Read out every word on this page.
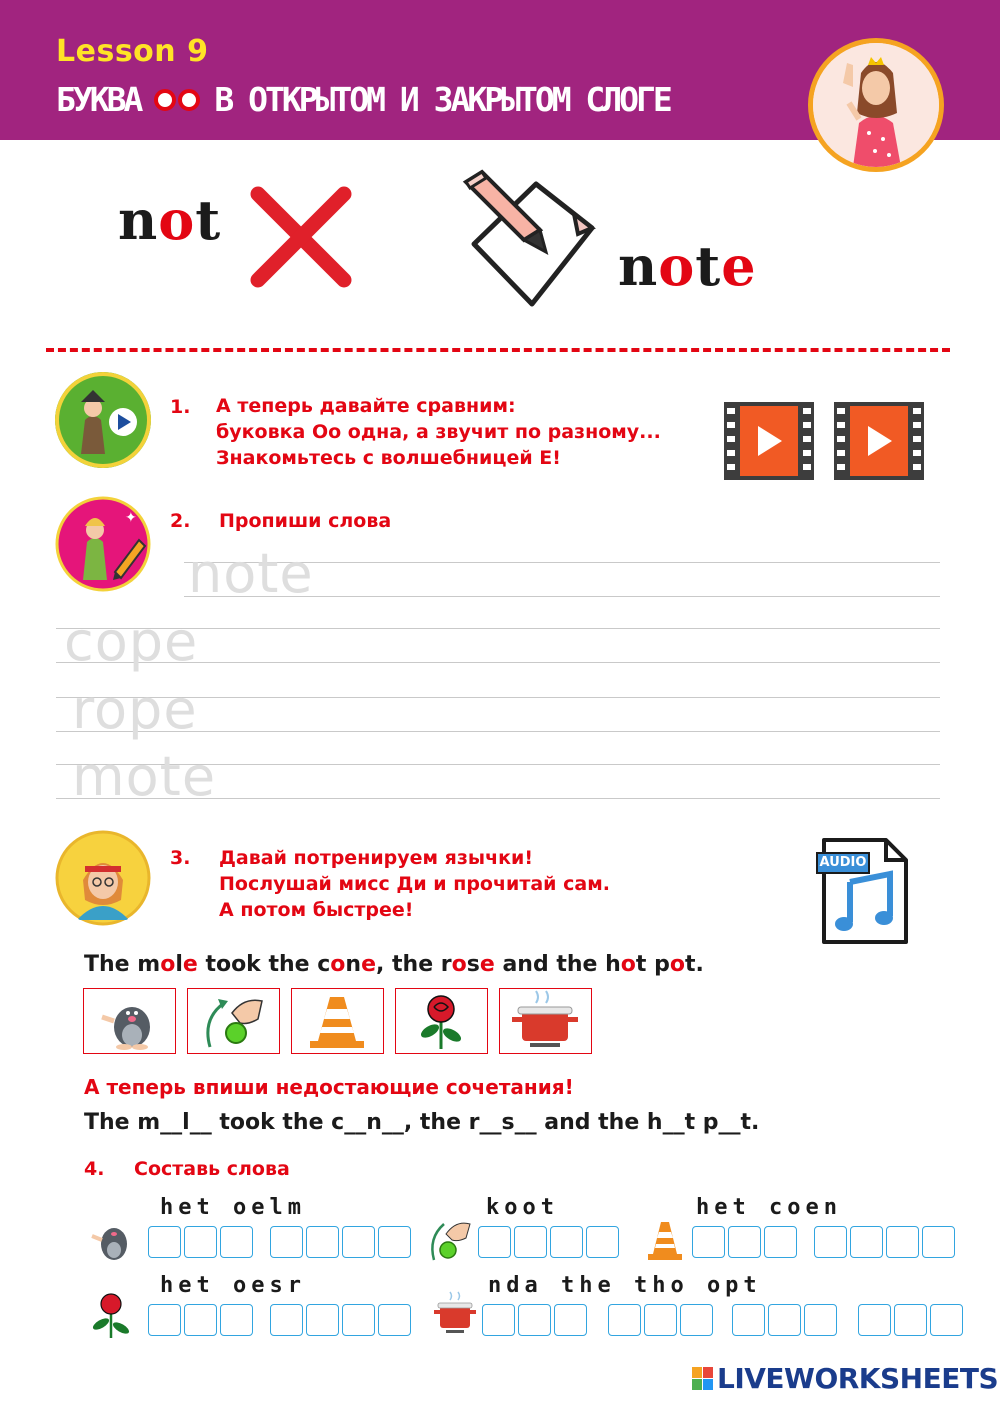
Lesson 9
БУКВА В ОТКРЫТОМ И ЗАКРЫТОМ СЛОГЕ
not
note
1. А теперь давайте сравним:
буковка Оо одна, а звучит по разному...
Знакомьтесь с волшебницей Е!
✦ 2. Пропиши слова
note
cope
rope
mote
3. Давай потренируем язычки!
Послушай мисс Ди и прочитай сам.
А потом быстрее!
AUDIO
The mole took the cone, the rose and the hot pot.
А теперь впиши недостающие сочетания!
The m__l__ took the c__n__, the r__s__ and the h__t p__t.
4. Составь слова
het oelm	koot	het coen
het oesr	nda the tho opt
LIVEWORKSHEETS
